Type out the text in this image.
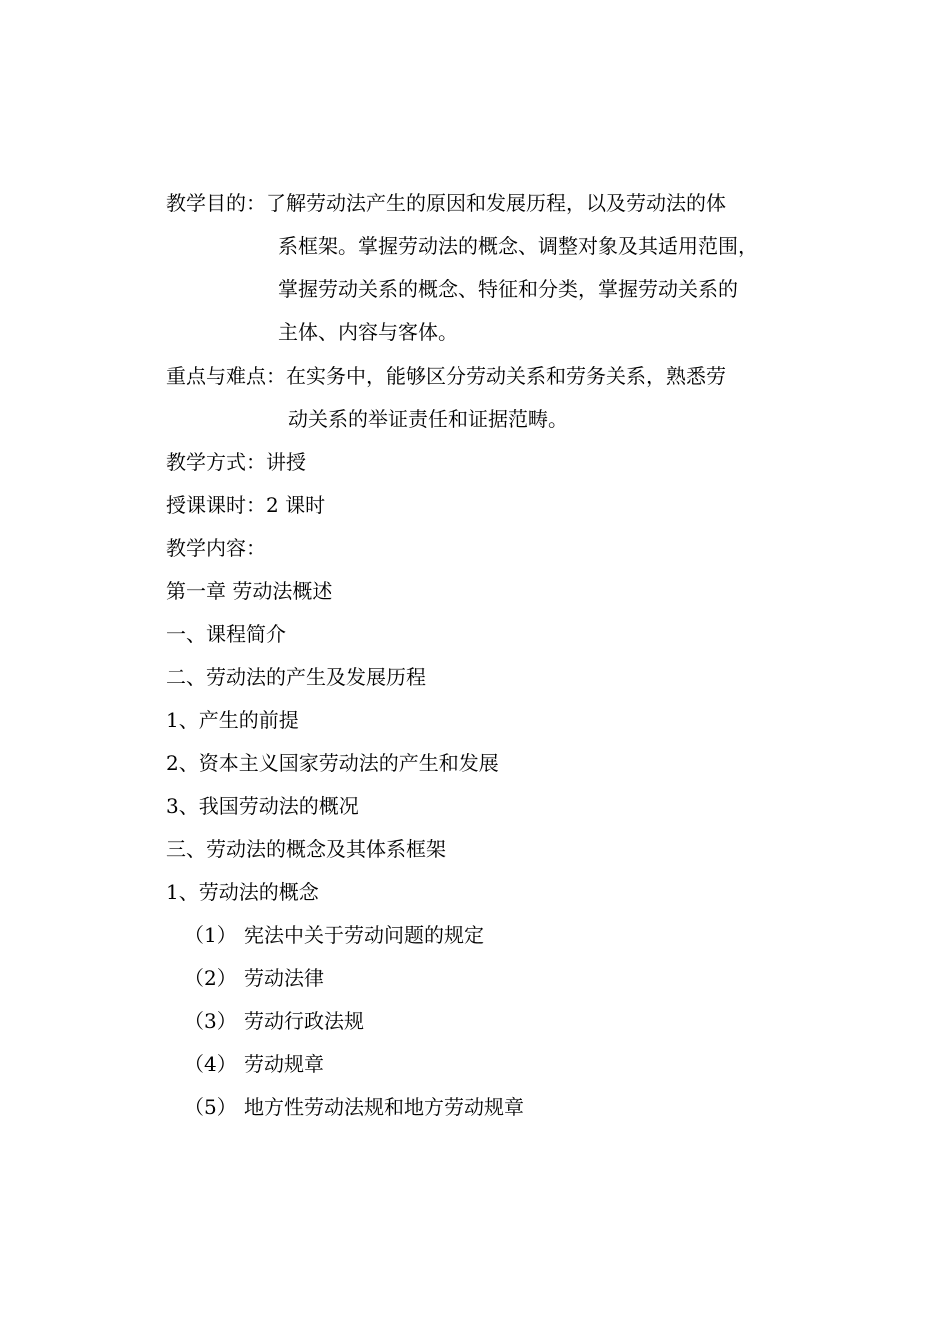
教学目的：了解劳动法产生的原因和发展历程，以及劳动法的体
系框架。掌握劳动法的概念、调整对象及其适用范围，
掌握劳动关系的概念、特征和分类，掌握劳动关系的
主体、内容与客体。
重点与难点：在实务中，能够区分劳动关系和劳务关系，熟悉劳
动关系的举证责任和证据范畴。
教学方式：讲授
授课课时：2 课时
教学内容：
第一章 劳动法概述
一、课程简介
二、劳动法的产生及发展历程
1、产生的前提
2、资本主义国家劳动法的产生和发展
3、我国劳动法的概况
三、劳动法的概念及其体系框架
1、劳动法的概念
（1） 宪法中关于劳动问题的规定
（2） 劳动法律
（3） 劳动行政法规
（4） 劳动规章
（5） 地方性劳动法规和地方劳动规章
